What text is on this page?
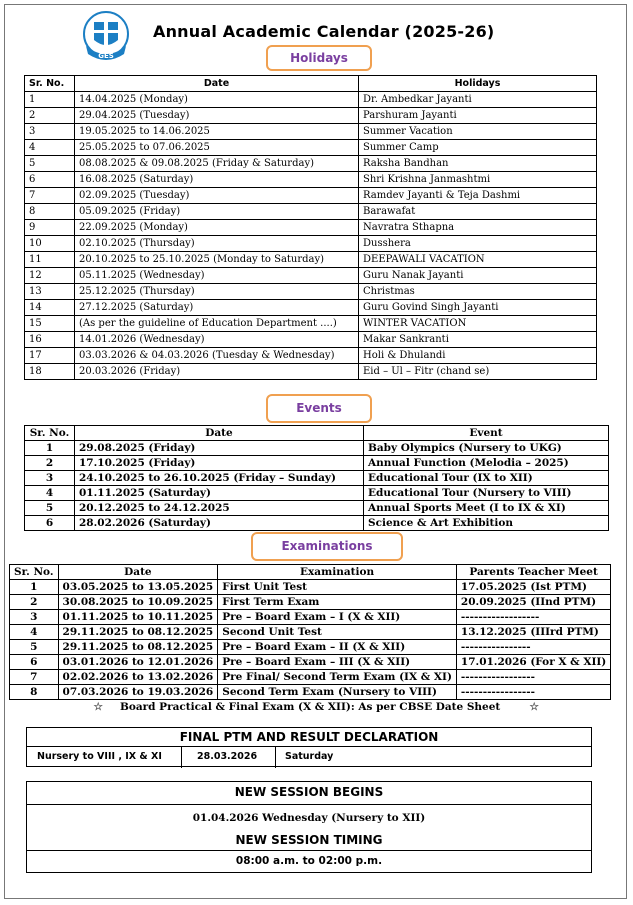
GES
Annual Academic Calendar (2025-26)
Holidays
Sr. No.	Date	Holidays
1	14.04.2025 (Monday)	Dr. Ambedkar Jayanti
2	29.04.2025 (Tuesday)	Parshuram Jayanti
3	19.05.2025 to 14.06.2025	Summer Vacation
4	25.05.2025 to 07.06.2025	Summer Camp
5	08.08.2025 & 09.08.2025 (Friday & Saturday)	Raksha Bandhan
6	16.08.2025 (Saturday)	Shri Krishna Janmashtmi
7	02.09.2025 (Tuesday)	Ramdev Jayanti & Teja Dashmi
8	05.09.2025 (Friday)	Barawafat
9	22.09.2025 (Monday)	Navratra Sthapna
10	02.10.2025 (Thursday)	Dusshera
11	20.10.2025 to 25.10.2025 (Monday to Saturday)	DEEPAWALI VACATION
12	05.11.2025 (Wednesday)	Guru Nanak Jayanti
13	25.12.2025 (Thursday)	Christmas
14	27.12.2025 (Saturday)	Guru Govind Singh Jayanti
15	(As per the guideline of Education Department ....)	WINTER VACATION
16	14.01.2026 (Wednesday)	Makar Sankranti
17	03.03.2026 & 04.03.2026 (Tuesday & Wednesday)	Holi & Dhulandi
18	20.03.2026 (Friday)	Eid – Ul – Fitr (chand se)
Events
Sr. No.	Date	Event
1	29.08.2025 (Friday)	Baby Olympics (Nursery to UKG)
2	17.10.2025 (Friday)	Annual Function (Melodia – 2025)
3	24.10.2025 to 26.10.2025 (Friday – Sunday)	Educational Tour (IX to XII)
4	01.11.2025 (Saturday)	Educational Tour (Nursery to VIII)
5	20.12.2025 to 24.12.2025	Annual Sports Meet (I to IX & XI)
6	28.02.2026 (Saturday)	Science & Art Exhibition
Examinations
Sr. No.	Date	Examination	Parents Teacher Meet
1	03.05.2025 to 13.05.2025	First Unit Test	17.05.2025 (Ist PTM)
2	30.08.2025 to 10.09.2025	First Term Exam	20.09.2025 (IInd PTM)
3	01.11.2025 to 10.11.2025	Pre – Board Exam – I (X & XII)	------------------
4	29.11.2025 to 08.12.2025	Second Unit Test	13.12.2025 (IIIrd PTM)
5	29.11.2025 to 08.12.2025	Pre – Board Exam – II (X & XII)	----------------
6	03.01.2026 to 12.01.2026	Pre – Board Exam – III (X & XII)	17.01.2026 (For X & XII)
7	02.02.2026 to 13.02.2026	Pre Final/ Second Term Exam (IX & XI)	-----------------
8	07.03.2026 to 19.03.2026	Second Term Exam (Nursery to VIII)	-----------------

☆ Board Practical & Final Exam (X & XII): As per CBSE Date Sheet ☆			
FINAL PTM AND RESULT DECLARATION
Nursery to VIII , IX & XI	28.03.2026	Saturday
NEW SESSION BEGINS
01.04.2026 Wednesday (Nursery to XII)
NEW SESSION TIMING
08:00 a.m. to 02:00 p.m.
